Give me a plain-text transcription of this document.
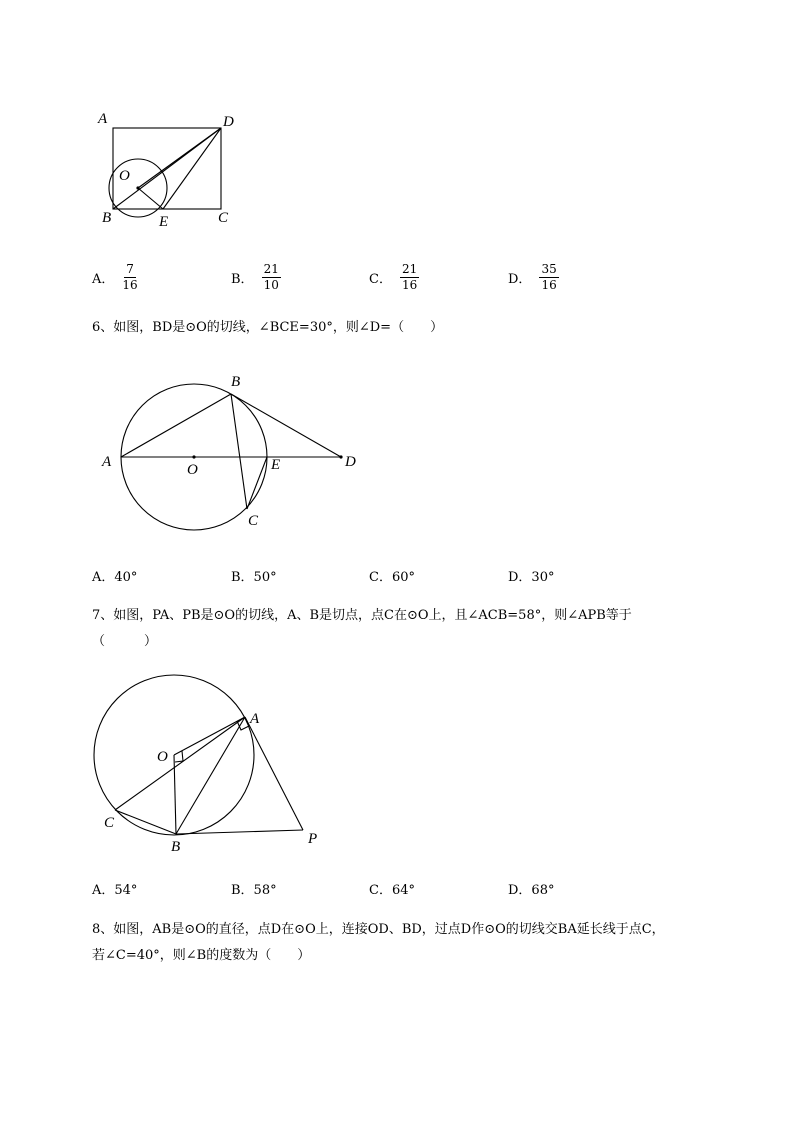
A	D
O
B	E	C
A． $\frac{7}{16}$	B． $\frac{21}{10}$	C． $\frac{21}{16}$	D． $\frac{35}{16}$
6、如图，BD是⊙O的切线，∠BCE=30°，则∠D=（　　）
A
B
O	E	D
C
A．40°	B．50°	C．60°	D．30°
7、如图，PA、PB是⊙O的切线，A、B是切点，点C在⊙O上，且∠ACB=58°，则∠APB等于
（　　　）
A
O
C
B	P
A．54°	B．58°	C．64°	D．68°
8、如图，AB是⊙O的直径，点D在⊙O上，连接OD、BD，过点D作⊙O的切线交BA延长线于点C，
若∠C=40°，则∠B的度数为（　　）
